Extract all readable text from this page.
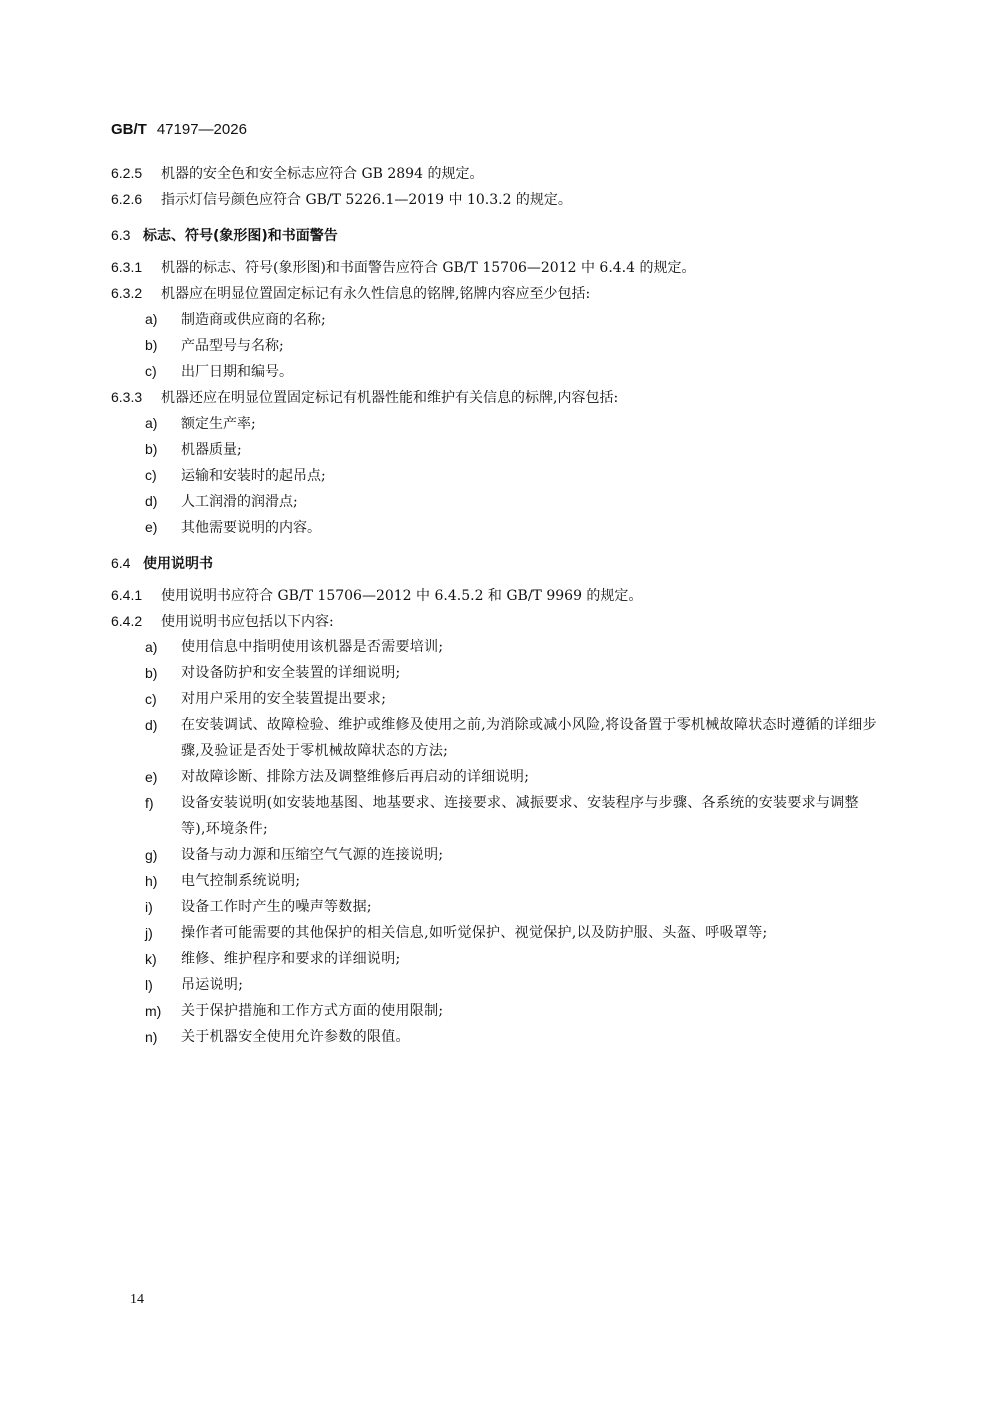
GB/T 47197—2026
6.2.5 机器的安全色和安全标志应符合 GB 2894 的规定。
6.2.6 指示灯信号颜色应符合 GB/T 5226.1—2019 中 10.3.2 的规定。
6.3 标志、符号(象形图)和书面警告
6.3.1 机器的标志、符号(象形图)和书面警告应符合 GB/T 15706—2012 中 6.4.4 的规定。
6.3.2 机器应在明显位置固定标记有永久性信息的铭牌,铭牌内容应至少包括:
a) 制造商或供应商的名称;
b) 产品型号与名称;
c) 出厂日期和编号。
6.3.3 机器还应在明显位置固定标记有机器性能和维护有关信息的标牌,内容包括:
a) 额定生产率;
b) 机器质量;
c) 运输和安装时的起吊点;
d) 人工润滑的润滑点;
e) 其他需要说明的内容。
6.4 使用说明书
6.4.1 使用说明书应符合 GB/T 15706—2012 中 6.4.5.2 和 GB/T 9969 的规定。
6.4.2 使用说明书应包括以下内容:
a)	使用信息中指明使用该机器是否需要培训;
b)	对设备防护和安全装置的详细说明;
c)	对用户采用的安全装置提出要求;
d)	在安装调试、故障检验、维护或维修及使用之前,为消除或减小风险,将设备置于零机械故障状态时遵循的详细步骤,及验证是否处于零机械故障状态的方法;
e)	对故障诊断、排除方法及调整维修后再启动的详细说明;
f)	设备安装说明(如安装地基图、地基要求、连接要求、减振要求、安装程序与步骤、各系统的安装要求与调整等),环境条件;
g)	设备与动力源和压缩空气气源的连接说明;
h)	电气控制系统说明;
i)	设备工作时产生的噪声等数据;
j)	操作者可能需要的其他保护的相关信息,如听觉保护、视觉保护,以及防护服、头盔、呼吸罩等;
k)	维修、维护程序和要求的详细说明;
l)	吊运说明;
m)	关于保护措施和工作方式方面的使用限制;
n)	关于机器安全使用允许参数的限值。
14
